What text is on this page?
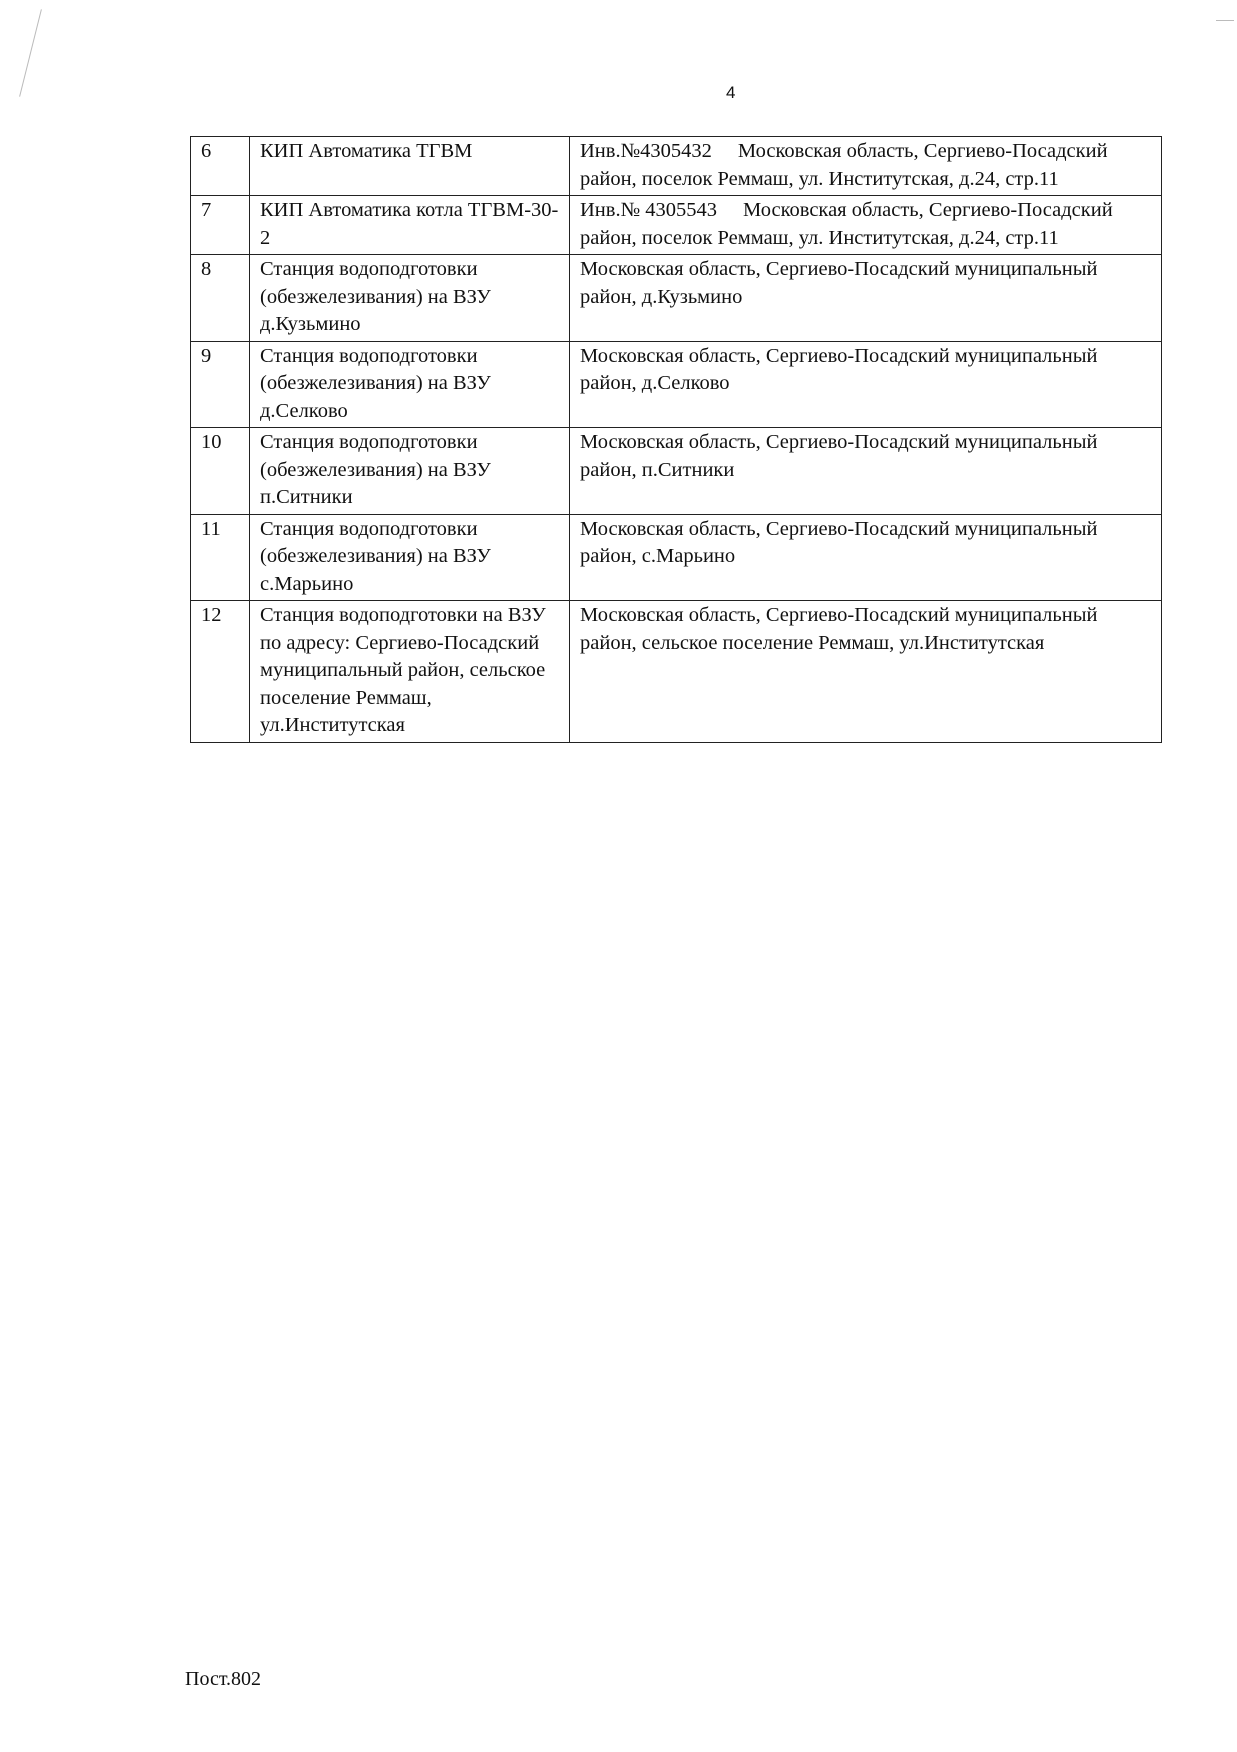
4
6	КИП Автоматика ТГВМ	Инв.№4305432 Московская область, Сергиево-Посадский район, поселок Реммаш, ул. Институтская, д.24, стр.11
7	КИП Автоматика котла ТГВМ-30-2	Инв.№ 4305543 Московская область, Сергиево-Посадский район, поселок Реммаш, ул. Институтская, д.24, стр.11
8	Станция водоподготовки (обезжелезивания) на ВЗУ д.Кузьмино	Московская область, Сергиево-Посадский муниципальный район, д.Кузьмино
9	Станция водоподготовки (обезжелезивания) на ВЗУ д.Селково	Московская область, Сергиево-Посадский муниципальный район, д.Селково
10	Станция водоподготовки (обезжелезивания) на ВЗУ п.Ситники	Московская область, Сергиево-Посадский муниципальный район, п.Ситники
11	Станция водоподготовки (обезжелезивания) на ВЗУ с.Марьино	Московская область, Сергиево-Посадский муниципальный район, с.Марьино
12	Станция водоподготовки на ВЗУ по адресу: Сергиево-Посадский муниципальный район, сельское поселение Реммаш, ул.Институтская	Московская область, Сергиево-Посадский муниципальный район, сельское поселение Реммаш, ул.Институтская
Пост.802
